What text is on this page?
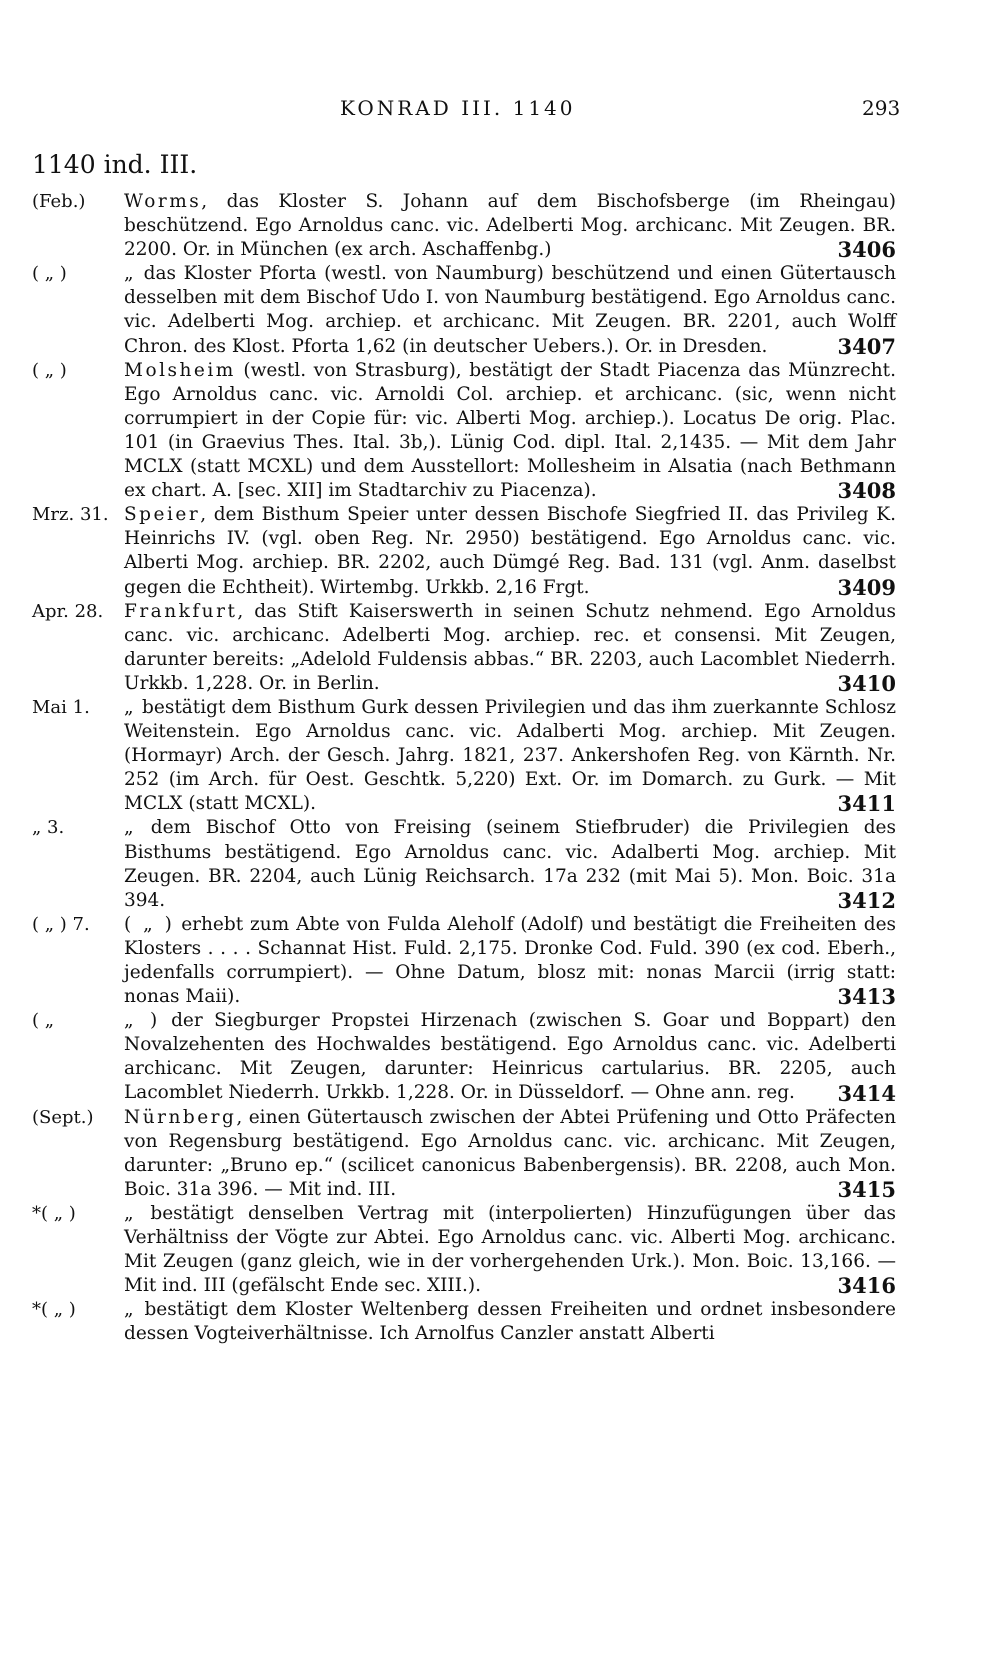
KONRAD III. 1140	293
1140 ind. III.
(Feb.)	Worms, das Kloster S. Johann auf dem Bischofsberge (im Rheingau) beschützend. Ego Arnoldus canc. vic. Adelberti Mog. archicanc. Mit Zeugen. BR. 2200. Or. in München (ex arch. Aschaffenbg.)	3406
( „ )	„ das Kloster Pforta (westl. von Naumburg) beschützend und einen Gütertausch desselben mit dem Bischof Udo I. von Naumburg bestätigend. Ego Arnoldus canc. vic. Adelberti Mog. archiep. et archicanc. Mit Zeugen. BR. 2201, auch Wolff Chron. des Klost. Pforta 1,62 (in deutscher Uebers.). Or. in Dresden.	3407
( „ )	Molsheim (westl. von Strasburg), bestätigt der Stadt Piacenza das Münzrecht. Ego Arnoldus canc. vic. Arnoldi Col. archiep. et archicanc. (sic, wenn nicht corrumpiert in der Copie für: vic. Alberti Mog. archiep.). Locatus De orig. Plac. 101 (in Graevius Thes. Ital. 3b,). Lünig Cod. dipl. Ital. 2,1435. — Mit dem Jahr MCLX (statt MCXL) und dem Ausstellort: Mollesheim in Alsatia (nach Bethmann ex chart. A. [sec. XII] im Stadtarchiv zu Piacenza).	3408
Mrz. 31. Speier, dem Bisthum Speier unter dessen Bischofe Siegfried II. das Privileg K. Heinrichs IV. (vgl. oben Reg. Nr. 2950) bestätigend. Ego Arnoldus canc. vic. Alberti Mog. archiep. BR. 2202, auch Dümgé Reg. Bad. 131 (vgl. Anm. daselbst gegen die Echtheit). Wirtembg. Urkkb. 2,16 Frgt.	3409
Apr. 28.	Frankfurt, das Stift Kaiserswerth in seinen Schutz nehmend. Ego Arnoldus canc. vic. archicanc. Adelberti Mog. archiep. rec. et consensi. Mit Zeugen, darunter bereits: „Adelold Fuldensis abbas.“ BR. 2203, auch Lacomblet Niederrh. Urkkb. 1,228. Or. in Berlin.	3410
Mai 1.	„ bestätigt dem Bisthum Gurk dessen Privilegien und das ihm zuerkannte Schlosz Weitenstein. Ego Arnoldus canc. vic. Adalberti Mog. archiep. Mit Zeugen. (Hormayr) Arch. der Gesch. Jahrg. 1821, 237. Ankershofen Reg. von Kärnth. Nr. 252 (im Arch. für Oest. Geschtk. 5,220) Ext. Or. im Domarch. zu Gurk. — Mit MCLX (statt MCXL).	3411
„ 3.	„ dem Bischof Otto von Freising (seinem Stiefbruder) die Privilegien des Bisthums bestätigend. Ego Arnoldus canc. vic. Adalberti Mog. archiep. Mit Zeugen. BR. 2204, auch Lünig Reichsarch. 17a 232 (mit Mai 5). Mon. Boic. 31a 394.	3412
( „ ) 7.	( „ ) erhebt zum Abte von Fulda Aleholf (Adolf) und bestätigt die Freiheiten des Klosters . . . . Schannat Hist. Fuld. 2,175. Dronke Cod. Fuld. 390 (ex cod. Eberh., jedenfalls corrumpiert). — Ohne Datum, blosz mit: nonas Marcii (irrig statt: nonas Maii).	3413
( „	„ ) der Siegburger Propstei Hirzenach (zwischen S. Goar und Boppart) den Novalzehenten des Hochwaldes bestätigend. Ego Arnoldus canc. vic. Adelberti archicanc. Mit Zeugen, darunter: Heinricus cartularius. BR. 2205, auch Lacomblet Niederrh. Urkkb. 1,228. Or. in Düsseldorf. — Ohne ann. reg.	3414
(Sept.)	Nürnberg, einen Gütertausch zwischen der Abtei Prüfening und Otto Präfecten von Regensburg bestätigend. Ego Arnoldus canc. vic. archicanc. Mit Zeugen, darunter: „Bruno ep.“ (scilicet canonicus Babenbergensis). BR. 2208, auch Mon. Boic. 31a 396. — Mit ind. III.	3415
*( „ )	„ bestätigt denselben Vertrag mit (interpolierten) Hinzufügungen über das Verhältniss der Vögte zur Abtei. Ego Arnoldus canc. vic. Alberti Mog. archicanc. Mit Zeugen (ganz gleich, wie in der vorhergehenden Urk.). Mon. Boic. 13,166. — Mit ind. III (gefälscht Ende sec. XIII.).	3416
*( „ )	„ bestätigt dem Kloster Weltenberg dessen Freiheiten und ordnet insbesondere dessen Vogteiverhältnisse. Ich Arnolfus Canzler anstatt Alberti
